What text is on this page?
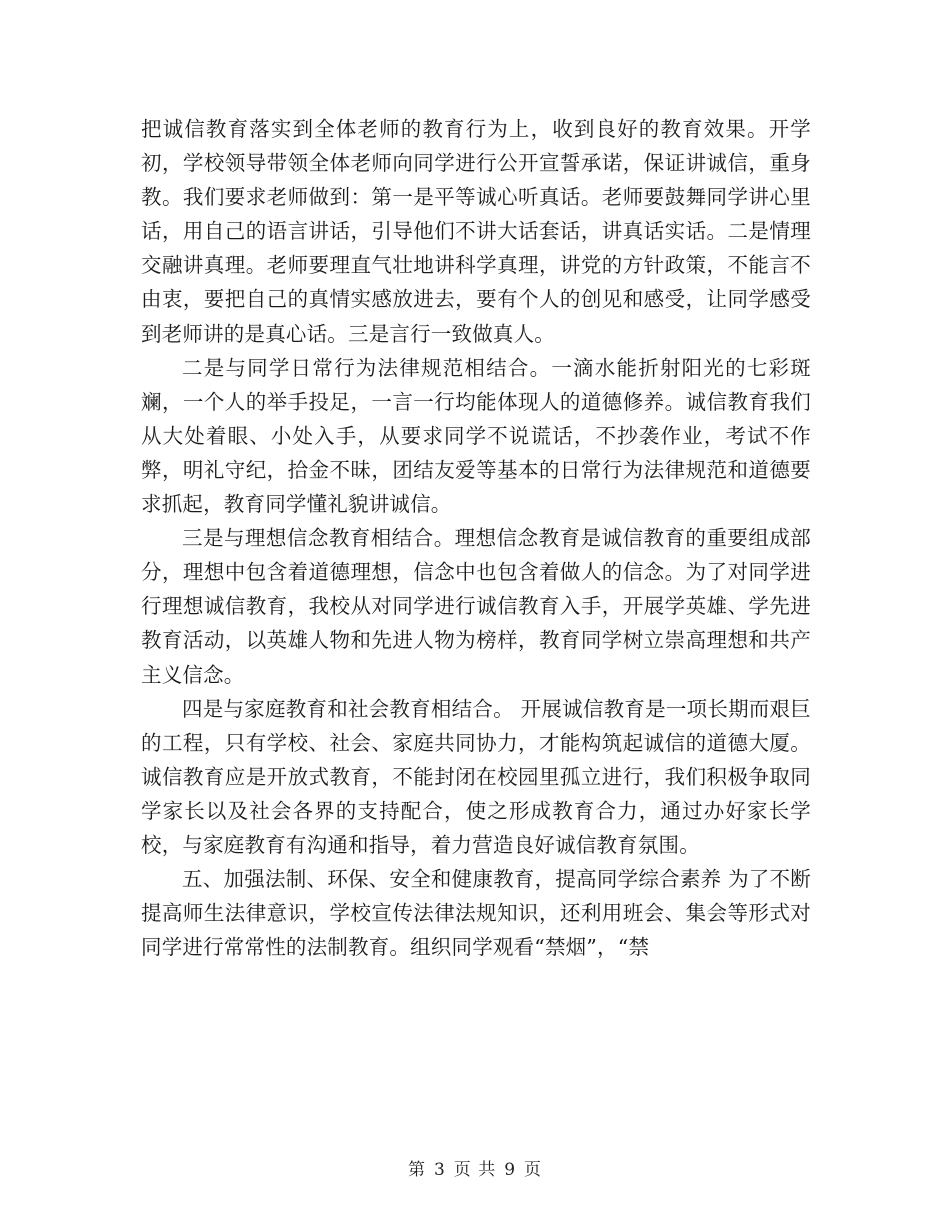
把诚信教育落实到全体老师的教育行为上，收到良好的教育效果。开学初，学校领导带领全体老师向同学进行公开宣誓承诺，保证讲诚信，重身教。我们要求老师做到：第一是平等诚心听真话。老师要鼓舞同学讲心里话，用自己的语言讲话，引导他们不讲大话套话，讲真话实话。二是情理交融讲真理。老师要理直气壮地讲科学真理，讲党的方针政策，不能言不由衷，要把自己的真情实感放进去，要有个人的创见和感受，让同学感受到老师讲的是真心话。三是言行一致做真人。

二是与同学日常行为法律规范相结合。一滴水能折射阳光的七彩斑斓，一个人的举手投足，一言一行均能体现人的道德修养。诚信教育我们从大处着眼、小处入手，从要求同学不说谎话，不抄袭作业，考试不作弊，明礼守纪，拾金不昧，团结友爱等基本的日常行为法律规范和道德要求抓起，教育同学懂礼貌讲诚信。

三是与理想信念教育相结合。理想信念教育是诚信教育的重要组成部分，理想中包含着道德理想，信念中也包含着做人的信念。为了对同学进行理想诚信教育，我校从对同学进行诚信教育入手，开展学英雄、学先进教育活动，以英雄人物和先进人物为榜样，教育同学树立崇高理想和共产主义信念。

四是与家庭教育和社会教育相结合。 开展诚信教育是一项长期而艰巨的工程，只有学校、社会、家庭共同协力，才能构筑起诚信的道德大厦。诚信教育应是开放式教育，不能封闭在校园里孤立进行，我们积极争取同学家长以及社会各界的支持配合，使之形成教育合力，通过办好家长学校，与家庭教育有沟通和指导，着力营造良好诚信教育氛围。

五、加强法制、环保、安全和健康教育，提高同学综合素养 为了不断提高师生法律意识，学校宣传法律法规知识，还利用班会、集会等形式对同学进行常常性的法制教育。组织同学观看“禁烟”，“禁

第 3 页 共 9 页
